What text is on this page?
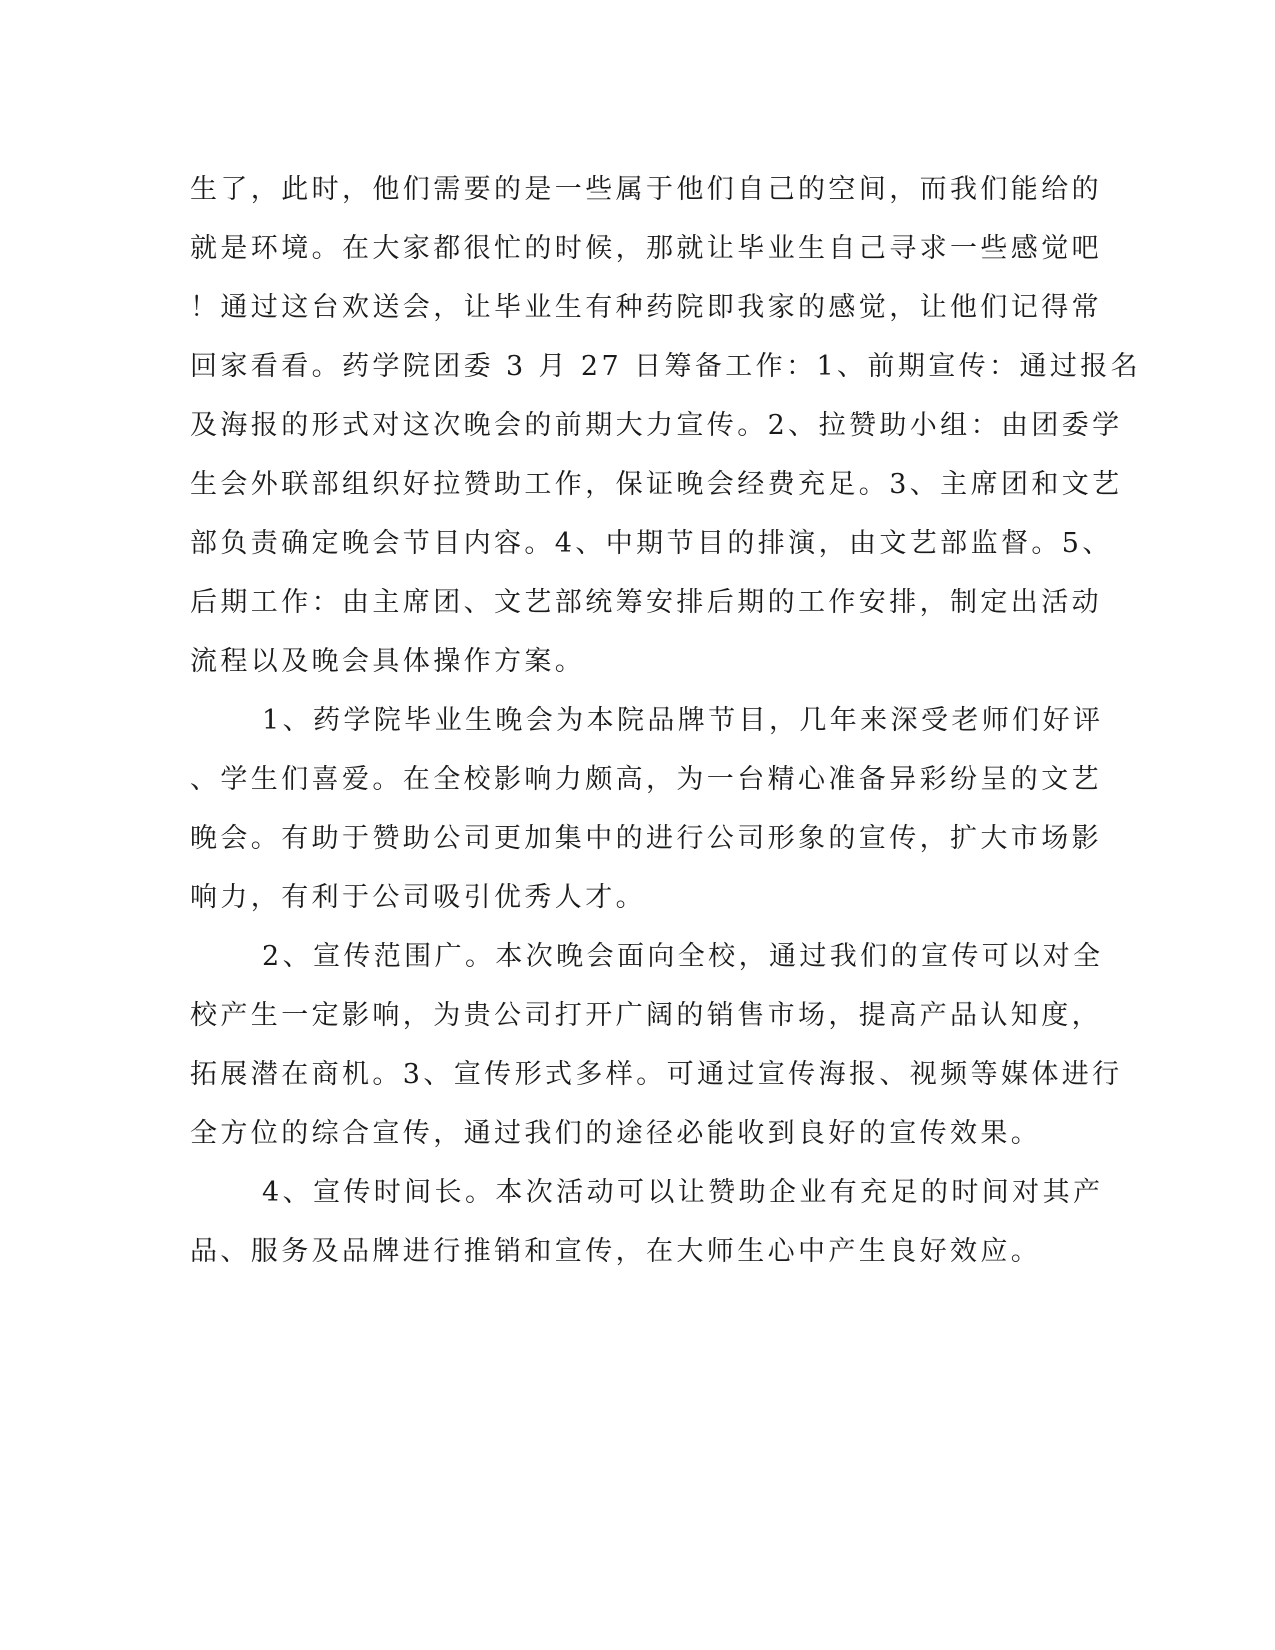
生了，此时，他们需要的是一些属于他们自己的空间，而我们能给的
就是环境。在大家都很忙的时候，那就让毕业生自己寻求一些感觉吧
！通过这台欢送会，让毕业生有种药院即我家的感觉，让他们记得常
回家看看。药学院团委 3 月 27 日筹备工作：1、前期宣传：通过报名
及海报的形式对这次晚会的前期大力宣传。2、拉赞助小组：由团委学
生会外联部组织好拉赞助工作，保证晚会经费充足。3、主席团和文艺
部负责确定晚会节目内容。4、中期节目的排演，由文艺部监督。5、
后期工作：由主席团、文艺部统筹安排后期的工作安排，制定出活动
流程以及晚会具体操作方案。
1、药学院毕业生晚会为本院品牌节目，几年来深受老师们好评
、学生们喜爱。在全校影响力颇高，为一台精心准备异彩纷呈的文艺
晚会。有助于赞助公司更加集中的进行公司形象的宣传，扩大市场影
响力，有利于公司吸引优秀人才。
2、宣传范围广。本次晚会面向全校，通过我们的宣传可以对全
校产生一定影响，为贵公司打开广阔的销售市场，提高产品认知度，
拓展潜在商机。3、宣传形式多样。可通过宣传海报、视频等媒体进行
全方位的综合宣传，通过我们的途径必能收到良好的宣传效果。
4、宣传时间长。本次活动可以让赞助企业有充足的时间对其产
品、服务及品牌进行推销和宣传，在大师生心中产生良好效应。
